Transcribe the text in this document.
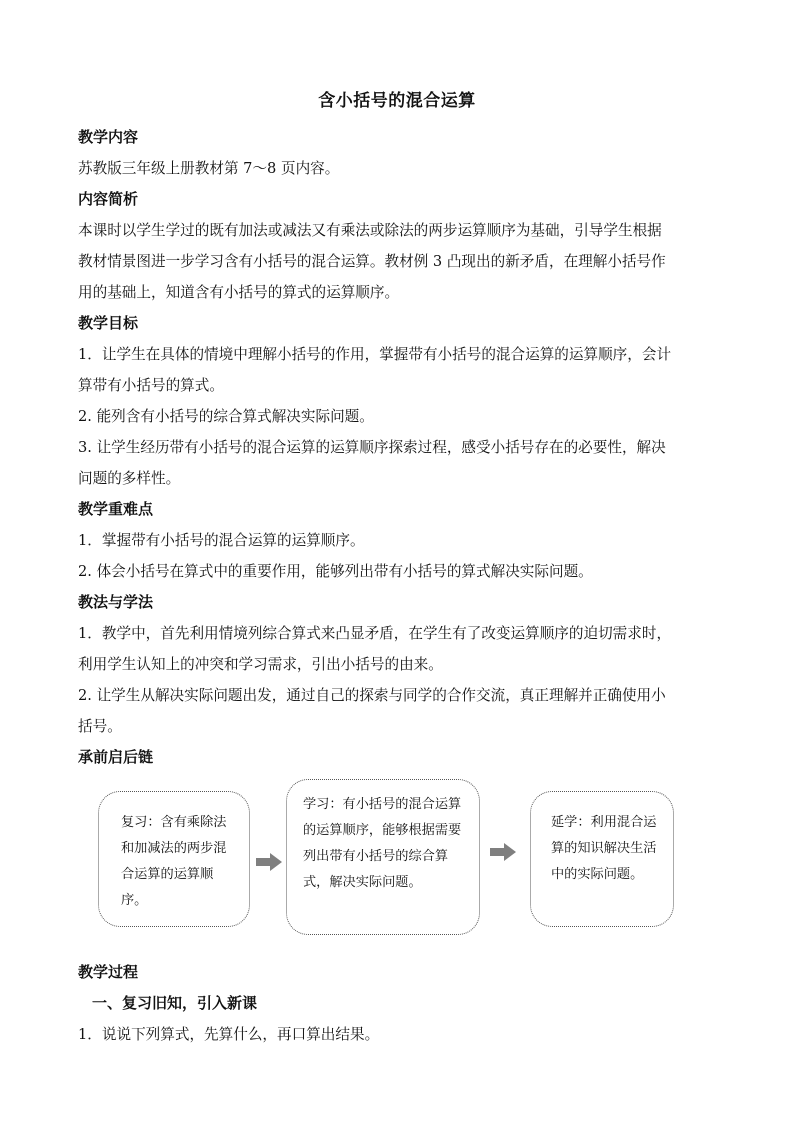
含小括号的混合运算
教学内容
苏教版三年级上册教材第 7～8 页内容。
内容简析
本课时以学生学过的既有加法或减法又有乘法或除法的两步运算顺序为基础，引导学生根据
教材情景图进一步学习含有小括号的混合运算。教材例 3 凸现出的新矛盾，在理解小括号作
用的基础上，知道含有小括号的算式的运算顺序。
教学目标
1．让学生在具体的情境中理解小括号的作用，掌握带有小括号的混合运算的运算顺序，会计
算带有小括号的算式。
2. 能列含有小括号的综合算式解决实际问题。
3. 让学生经历带有小括号的混合运算的运算顺序探索过程，感受小括号存在的必要性，解决
问题的多样性。
教学重难点
1．掌握带有小括号的混合运算的运算顺序。
2. 体会小括号在算式中的重要作用，能够列出带有小括号的算式解决实际问题。
教法与学法
1．教学中，首先利用情境列综合算式来凸显矛盾，在学生有了改变运算顺序的迫切需求时，
利用学生认知上的冲突和学习需求，引出小括号的由来。
2. 让学生从解决实际问题出发，通过自己的探索与同学的合作交流，真正理解并正确使用小
括号。
承前启后链
复习：含有乘除法和加减法的两步混合运算的运算顺序。
学习：有小括号的混合运算的运算顺序，能够根据需要列出带有小括号的综合算式，解决实际问题。
延学：利用混合运算的知识解决生活中的实际问题。
教学过程
一、复习旧知，引入新课
1．说说下列算式，先算什么，再口算出结果。
